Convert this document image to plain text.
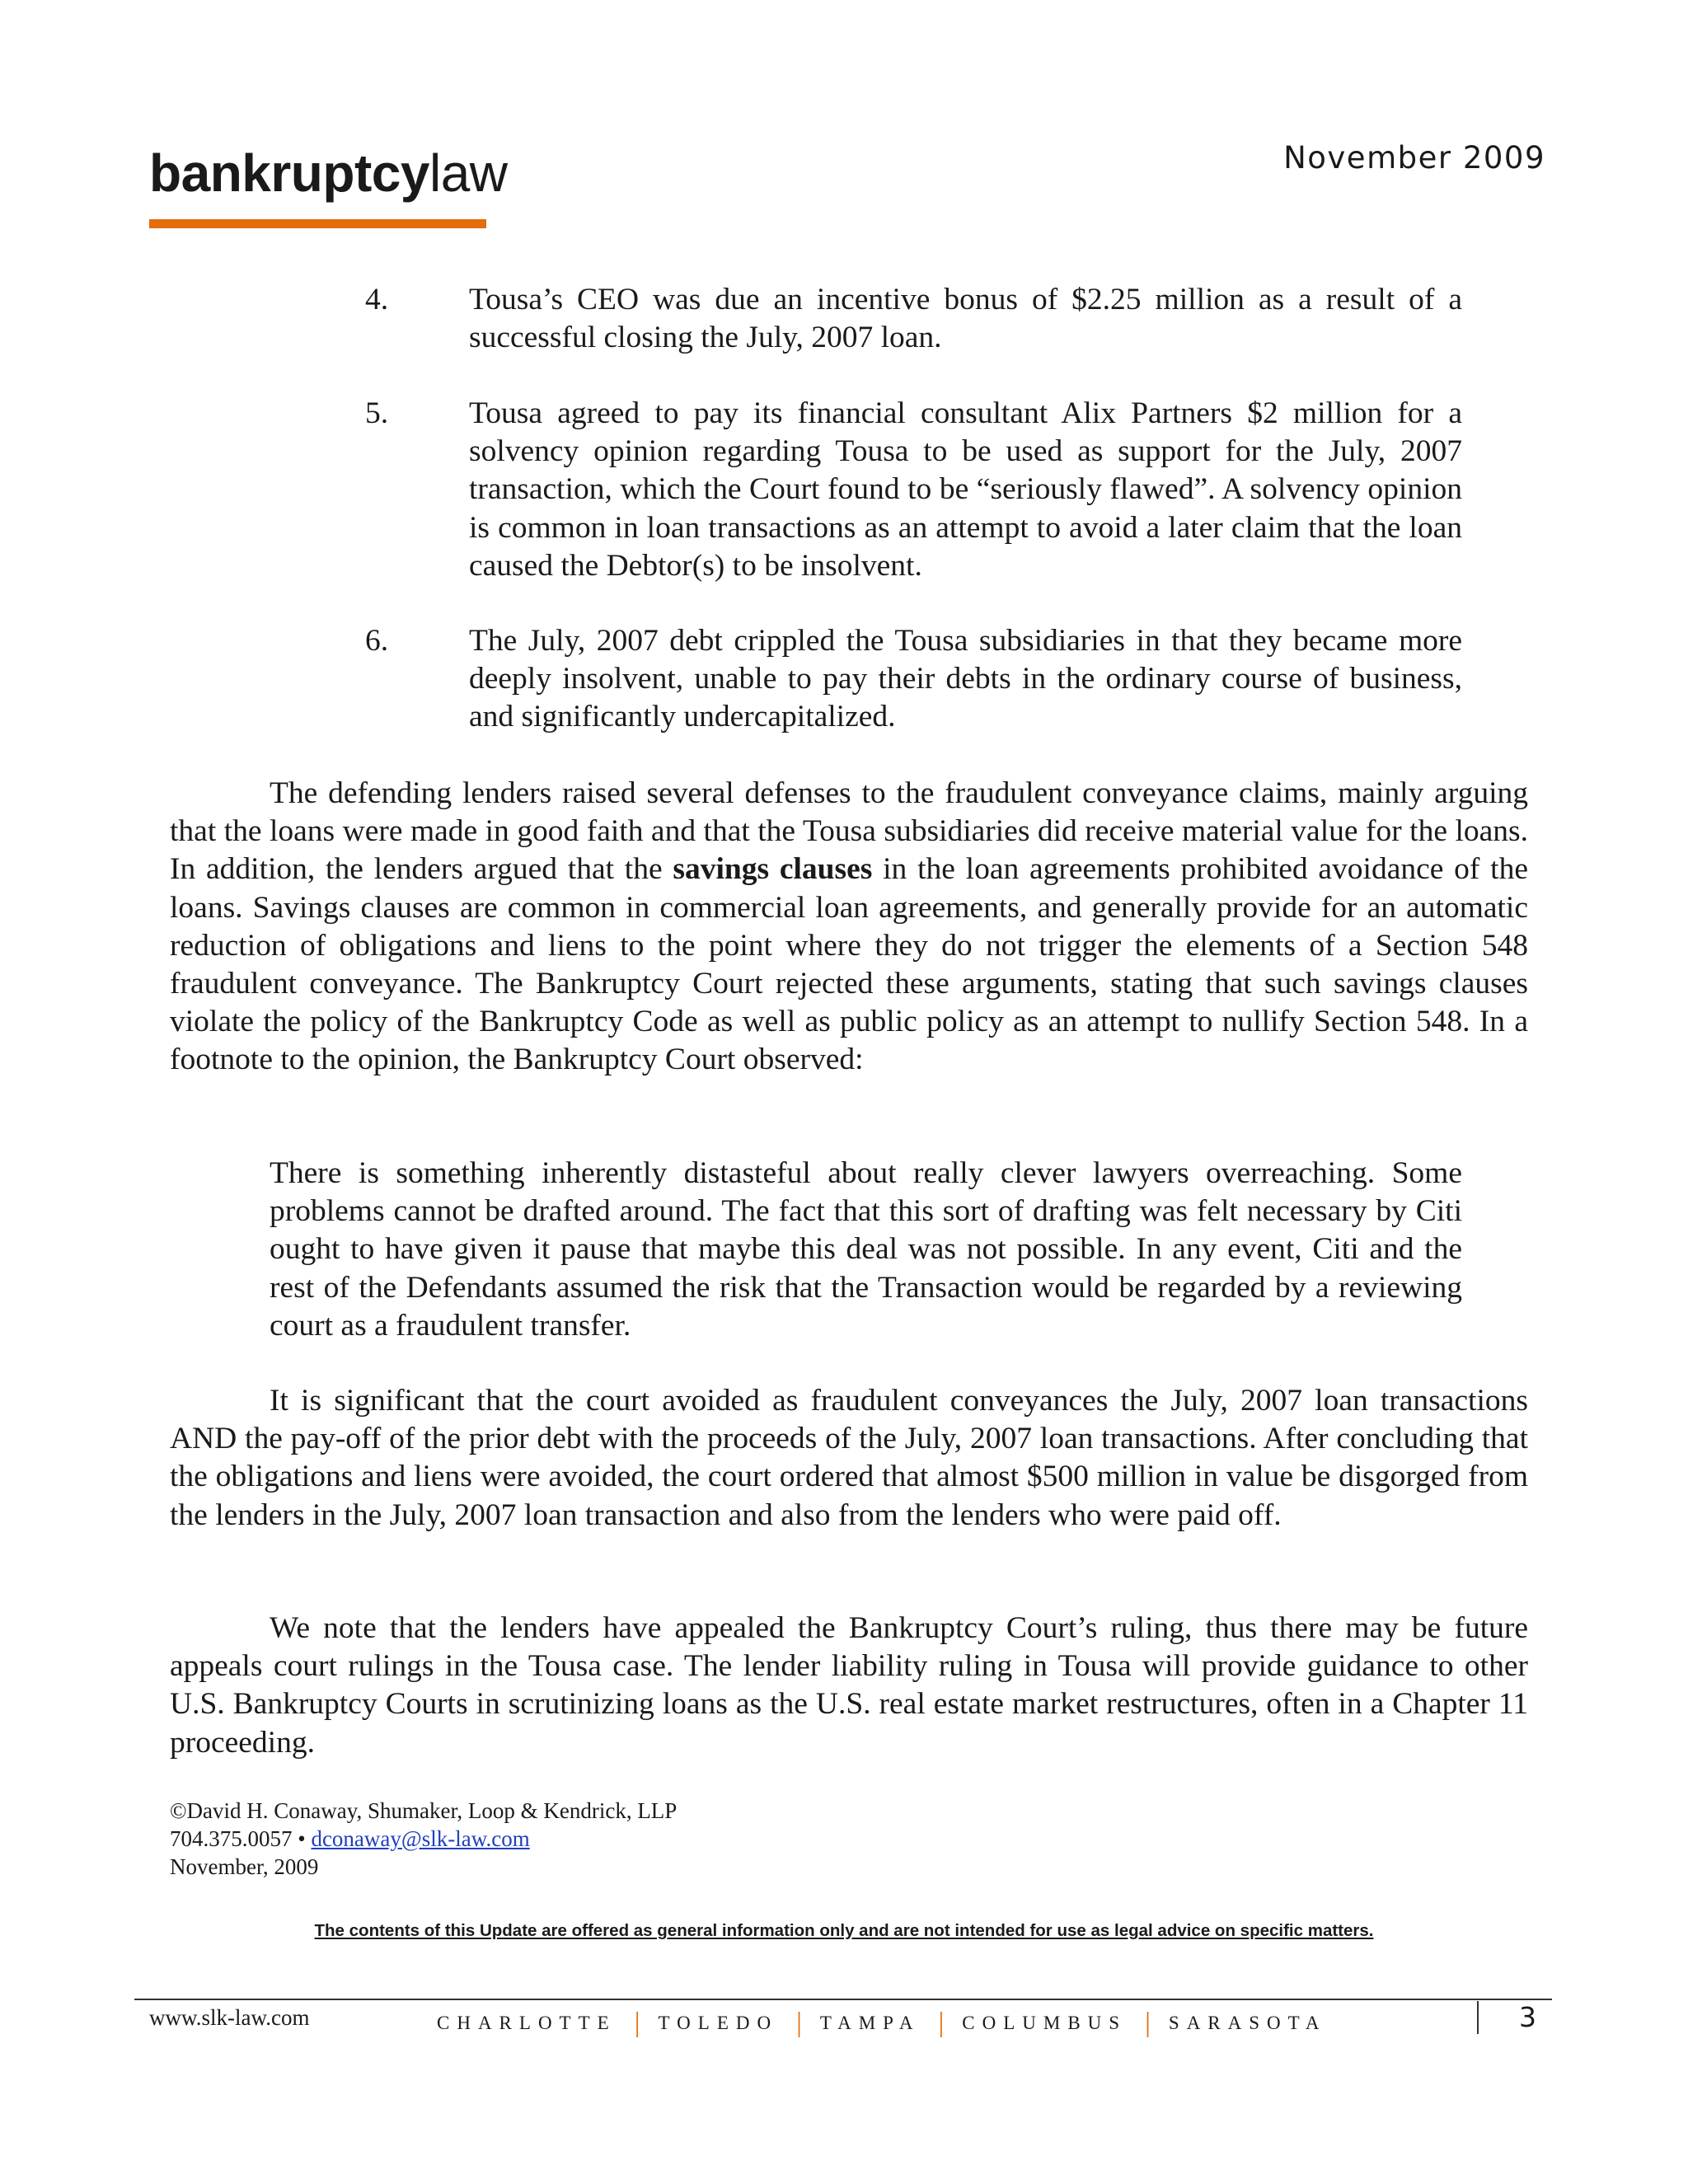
bankruptcylaw	November 2009
4.	Tousa’s CEO was due an incentive bonus of $2.25 million as a result of a successful closing the July, 2007 loan.
5.	Tousa agreed to pay its financial consultant Alix Partners $2 million for a solvency opinion regarding Tousa to be used as support for the July, 2007 transaction, which the Court found to be “seriously flawed”. A solvency opinion is common in loan transactions as an attempt to avoid a later claim that the loan caused the Debtor(s) to be insolvent.
6.	The July, 2007 debt crippled the Tousa subsidiaries in that they became more deeply insolvent, unable to pay their debts in the ordinary course of business, and significantly undercapitalized.
The defending lenders raised several defenses to the fraudulent conveyance claims, mainly arguing that the loans were made in good faith and that the Tousa subsidiaries did receive material value for the loans. In addition, the lenders argued that the savings clauses in the loan agreements prohibited avoidance of the loans. Savings clauses are common in commercial loan agreements, and generally provide for an automatic reduction of obligations and liens to the point where they do not trigger the elements of a Section 548 fraudulent conveyance. The Bankruptcy Court rejected these arguments, stating that such savings clauses violate the policy of the Bankruptcy Code as well as public policy as an attempt to nullify Section 548. In a footnote to the opinion, the Bankruptcy Court observed:
There is something inherently distasteful about really clever lawyers overreaching. Some problems cannot be drafted around. The fact that this sort of drafting was felt necessary by Citi ought to have given it pause that maybe this deal was not possible. In any event, Citi and the rest of the Defendants assumed the risk that the Transaction would be regarded by a reviewing court as a fraudulent transfer.
It is significant that the court avoided as fraudulent conveyances the July, 2007 loan transactions AND the pay-off of the prior debt with the proceeds of the July, 2007 loan transactions. After concluding that the obligations and liens were avoided, the court ordered that almost $500 million in value be disgorged from the lenders in the July, 2007 loan transaction and also from the lenders who were paid off.
We note that the lenders have appealed the Bankruptcy Court’s ruling, thus there may be future appeals court rulings in the Tousa case. The lender liability ruling in Tousa will provide guidance to other U.S. Bankruptcy Courts in scrutinizing loans as the U.S. real estate market restructures, often in a Chapter 11 proceeding.
©David H. Conaway, Shumaker, Loop & Kendrick, LLP
704.375.0057 • dconaway@slk-law.com
November, 2009
The contents of this Update are offered as general information only and are not intended for use as legal advice on specific matters.
www.slk-law.com	CHARLOTTE | TOLEDO | TAMPA | COLUMBUS | SARASOTA	3
